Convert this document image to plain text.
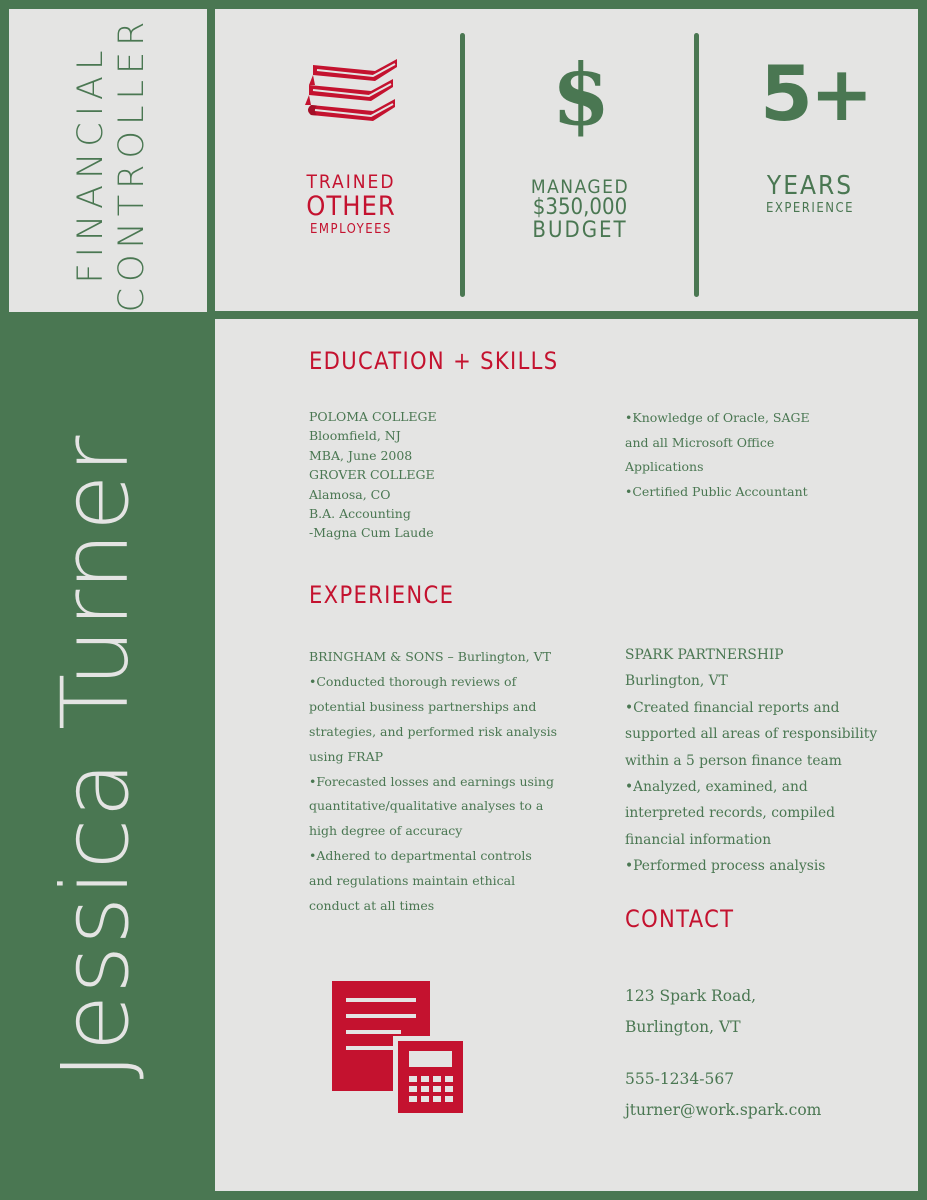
FINANCIAL CONTROLLER
Jessica Turner
TRAINED
OTHER
EMPLOYEES
$
MANAGED
$350,000
BUDGET
5+
YEARS
EXPERIENCE
EDUCATION + SKILLS
POLOMA COLLEGE
Bloomfield, NJ
MBA, June 2008
GROVER COLLEGE
Alamosa, CO
B.A. Accounting
-Magna Cum Laude
•Knowledge of Oracle, SAGE
and all Microsoft Office
Applications
•Certified Public Accountant
EXPERIENCE
BRINGHAM & SONS – Burlington, VT
•Conducted thorough reviews of
potential business partnerships and
strategies, and performed risk analysis
using FRAP
•Forecasted losses and earnings using
quantitative/qualitative analyses to a
high degree of accuracy
•Adhered to departmental controls
and regulations maintain ethical
conduct at all times
SPARK PARTNERSHIP
Burlington, VT
•Created financial reports and
supported all areas of responsibility
within a 5 person finance team
•Analyzed, examined, and
interpreted records, compiled
financial information
•Performed process analysis
CONTACT
123 Spark Road,
Burlington, VT
555-1234-567
jturner@work.spark.com
